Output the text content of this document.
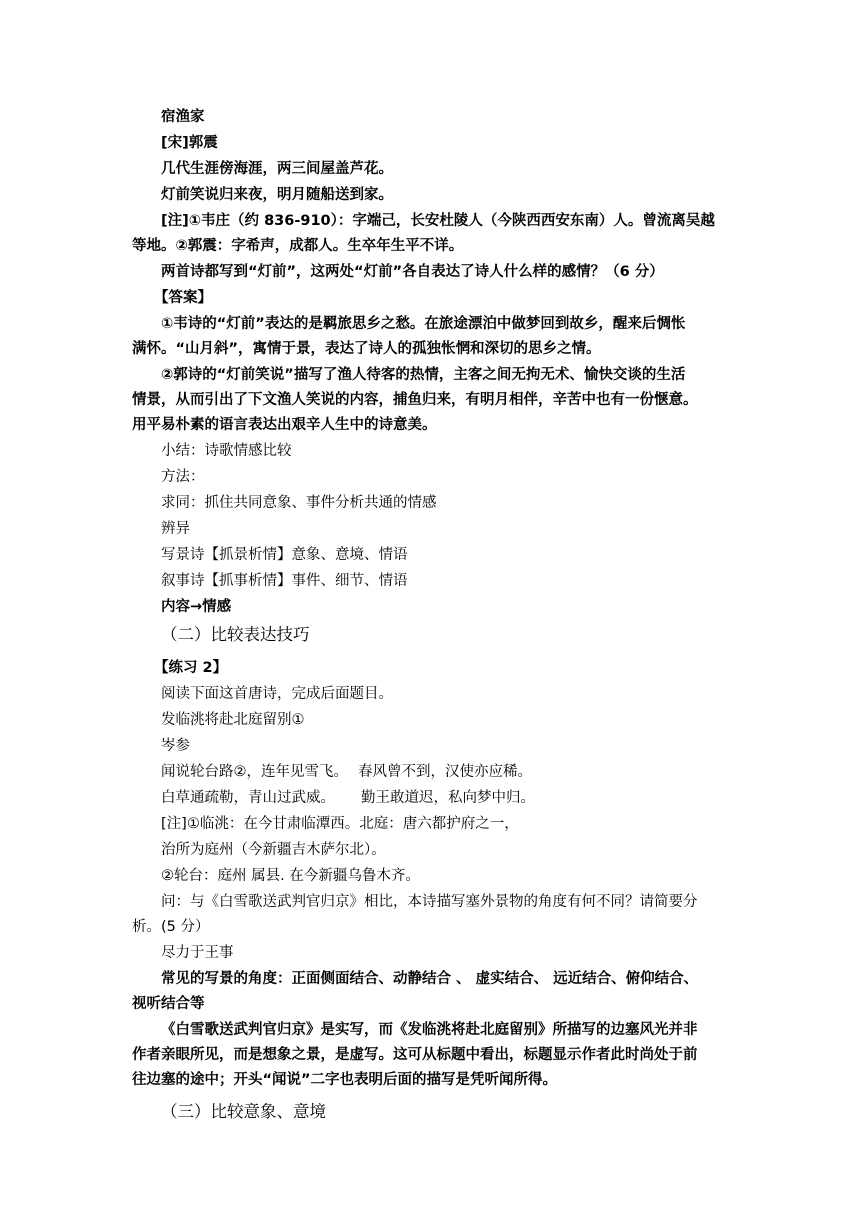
宿渔家
[宋]郭震
几代生涯傍海涯，两三间屋盖芦花。
灯前笑说归来夜，明月随船送到家。
[注]①韦庄（约 836-910）：字端己，长安杜陵人（今陕西西安东南）人。曾流离吴越
等地。②郭震：字希声，成都人。生卒年生平不详。
两首诗都写到“灯前”，这两处“灯前”各自表达了诗人什么样的感情？（6 分）
【答案】
①韦诗的“灯前”表达的是羁旅思乡之愁。在旅途漂泊中做梦回到故乡，醒来后惆怅
满怀。“山月斜”，寓情于景，表达了诗人的孤独怅惘和深切的思乡之情。
②郭诗的“灯前笑说”描写了渔人待客的热情，主客之间无拘无术、愉快交谈的生活
情景，从而引出了下文渔人笑说的内容，捕鱼归来，有明月相伴，辛苦中也有一份惬意。
用平易朴素的语言表达出艰辛人生中的诗意美。
小结：诗歌情感比较
方法：
求同：抓住共同意象、事件分析共通的情感
辨异
写景诗【抓景析情】意象、意境、情语
叙事诗【抓事析情】事件、细节、情语
内容→情感
（二）比较表达技巧
【练习 2】
阅读下面这首唐诗，完成后面题目。
发临洮将赴北庭留别①
岑参
闻说轮台路②，连年见雪飞。 春风曾不到，汉使亦应稀。
白草通疏勒，青山过武威。 勤王敢道迟，私向梦中归。
[注]①临洮：在今甘肃临潭西。北庭：唐六都护府之一，
治所为庭州（今新疆吉木萨尔北）。
②轮台：庭州 属县. 在今新疆乌鲁木齐。
问：与《白雪歌送武判官归京》相比，本诗描写塞外景物的角度有何不同？请简要分
析。(5 分）
尽力于王事
常见的写景的角度：正面侧面结合、动静结合 、 虚实结合、 远近结合、俯仰结合、
视听结合等
《白雪歌送武判官归京》是实写，而《发临洮将赴北庭留别》所描写的边塞风光并非
作者亲眼所见，而是想象之景，是虚写。这可从标题中看出，标题显示作者此时尚处于前
往边塞的途中；开头“闻说”二字也表明后面的描写是凭听闻所得。
（三）比较意象、意境
